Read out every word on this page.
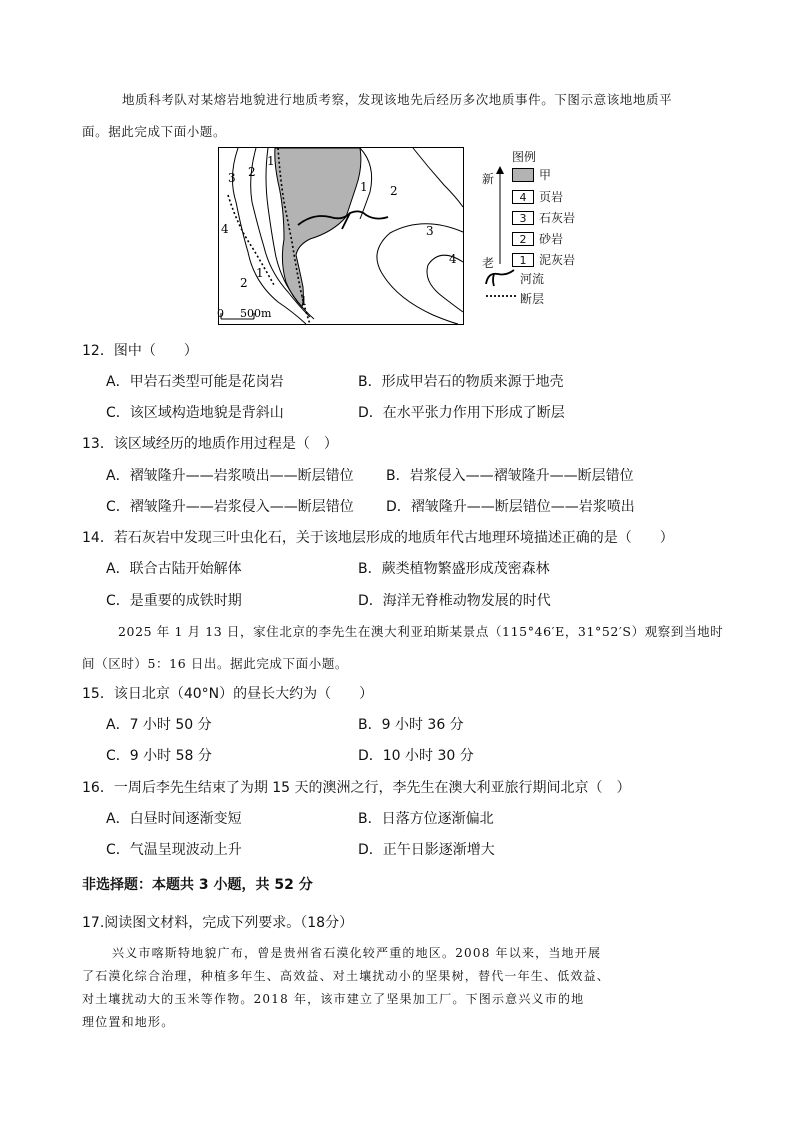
地质科考队对某熔岩地貌进行地质考察，发现该地先后经历多次地质事件。下图示意该地地质平
面。据此完成下面小题。
1
2
3
4
1
2
1 2
3
4
1
0 500m
图例
新
老
甲
4	页岩
3	石灰岩
2	砂岩
1	泥灰岩
河流
断层
12．图中（　　）
A．甲岩石类型可能是花岗岩	B．形成甲岩石的物质来源于地壳
C．该区域构造地貌是背斜山	D．在水平张力作用下形成了断层
13．该区域经历的地质作用过程是（　）
A．褶皱隆升——岩浆喷出——断层错位 B．岩浆侵入——褶皱隆升——断层错位
C．褶皱隆升——岩浆侵入——断层错位 D．褶皱隆升——断层错位——岩浆喷出
14．若石灰岩中发现三叶虫化石，关于该地层形成的地质年代古地理环境描述正确的是（　　）
A．联合古陆开始解体	B．蕨类植物繁盛形成茂密森林
C．是重要的成铁时期	D．海洋无脊椎动物发展的时代
2025 年 1 月 13 日，家住北京的李先生在澳大利亚珀斯某景点（115°46′E，31°52′S）观察到当地时
间（区时）5：16 日出。据此完成下面小题。
15．该日北京（40°N）的昼长大约为（　　）
A．7 小时 50 分	B．9 小时 36 分
C．9 小时 58 分	D．10 小时 30 分
16．一周后李先生结束了为期 15 天的澳洲之行，李先生在澳大利亚旅行期间北京（　）
A．白昼时间逐渐变短	B．日落方位逐渐偏北
C．气温呈现波动上升	D．正午日影逐渐增大
非选择题：本题共 3 小题，共 52 分
17.阅读图文材料，完成下列要求。（18分）
兴义市喀斯特地貌广布，曾是贵州省石漠化较严重的地区。2008 年以来，当地开展
了石漠化综合治理，种植多年生、高效益、对土壤扰动小的坚果树，替代一年生、低效益、
对土壤扰动大的玉米等作物。2018 年，该市建立了坚果加工厂。下图示意兴义市的地
理位置和地形。
